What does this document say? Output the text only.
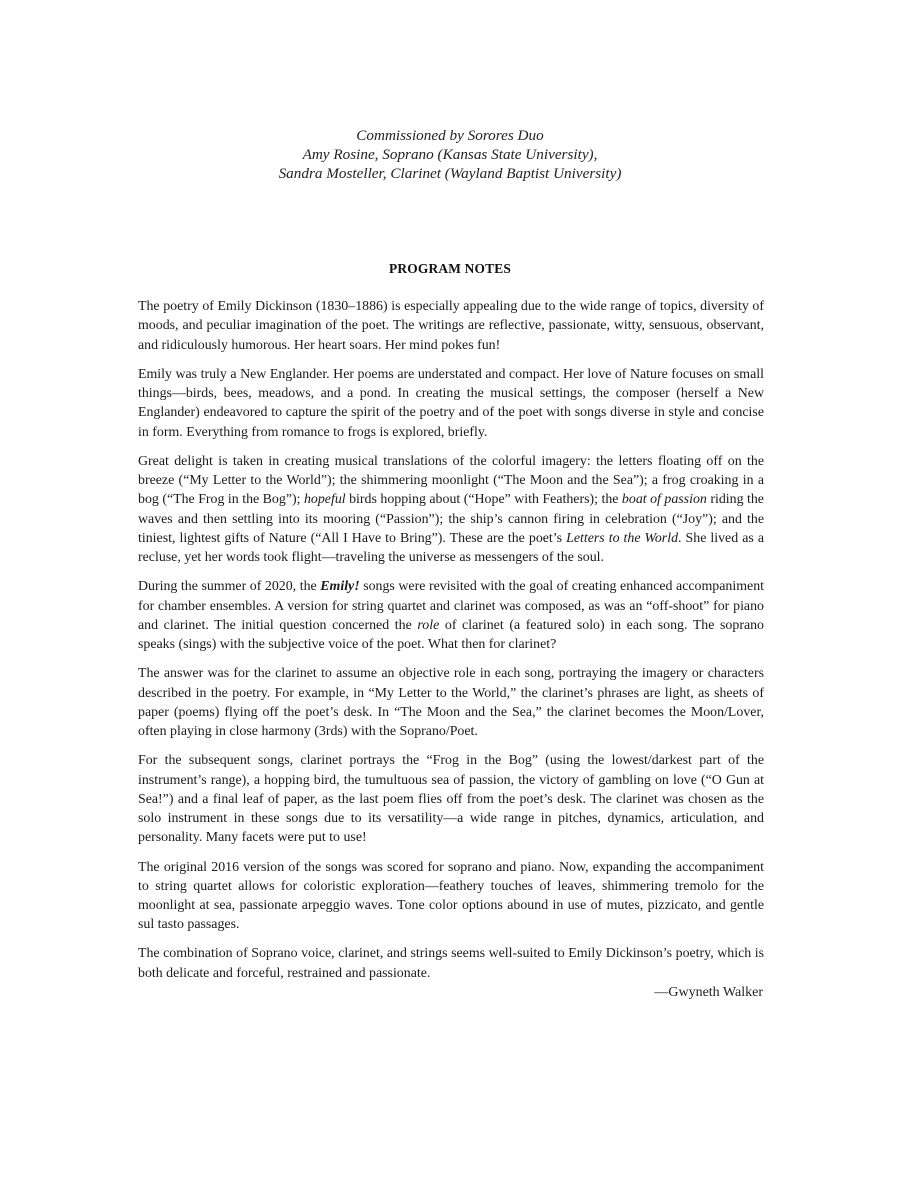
Commissioned by Sorores Duo
Amy Rosine, Soprano (Kansas State University),
Sandra Mosteller, Clarinet (Wayland Baptist University)
PROGRAM NOTES

The poetry of Emily Dickinson (1830–1886) is especially appealing due to the wide range of topics, diversity of moods, and peculiar imagination of the poet. The writings are reflective, passionate, witty, sensuous, observant, and ridiculously humorous. Her heart soars. Her mind pokes fun!

Emily was truly a New Englander. Her poems are understated and compact. Her love of Nature focuses on small things—birds, bees, meadows, and a pond. In creating the musical settings, the composer (herself a New Englander) endeavored to capture the spirit of the poetry and of the poet with songs diverse in style and concise in form. Everything from romance to frogs is explored, briefly.

Great delight is taken in creating musical translations of the colorful imagery: the letters floating off on the breeze (“My Letter to the World”); the shimmering moonlight (“The Moon and the Sea”); a frog croaking in a bog (“The Frog in the Bog”); hopeful birds hopping about (“Hope” with Feathers); the boat of passion riding the waves and then settling into its mooring (“Passion”); the ship’s cannon firing in celebration (“Joy”); and the tiniest, lightest gifts of Nature (“All I Have to Bring”). These are the poet’s Letters to the World. She lived as a recluse, yet her words took flight—traveling the universe as messengers of the soul.

During the summer of 2020, the Emily! songs were revisited with the goal of creating enhanced accompaniment for chamber ensembles. A version for string quartet and clarinet was composed, as was an “off-shoot” for piano and clarinet. The initial question concerned the role of clarinet (a featured solo) in each song. The soprano speaks (sings) with the subjective voice of the poet. What then for clarinet?

The answer was for the clarinet to assume an objective role in each song, portraying the imagery or characters described in the poetry. For example, in “My Letter to the World,” the clarinet’s phrases are light, as sheets of paper (poems) flying off the poet’s desk. In “The Moon and the Sea,” the clarinet becomes the Moon/Lover, often playing in close harmony (3rds) with the Soprano/Poet.

For the subsequent songs, clarinet portrays the “Frog in the Bog” (using the lowest/darkest part of the instrument’s range), a hopping bird, the tumultuous sea of passion, the victory of gambling on love (“O Gun at Sea!”) and a final leaf of paper, as the last poem flies off from the poet’s desk. The clarinet was chosen as the solo instrument in these songs due to its versatility—a wide range in pitches, dynamics, articulation, and personality. Many facets were put to use!

The original 2016 version of the songs was scored for soprano and piano. Now, expanding the accompaniment to string quartet allows for coloristic exploration—feathery touches of leaves, shimmering tremolo for the moonlight at sea, passionate arpeggio waves. Tone color options abound in use of mutes, pizzicato, and gentle sul tasto passages.

The combination of Soprano voice, clarinet, and strings seems well-suited to Emily Dickinson’s poetry, which is both delicate and forceful, restrained and passionate.

—Gwyneth Walker
